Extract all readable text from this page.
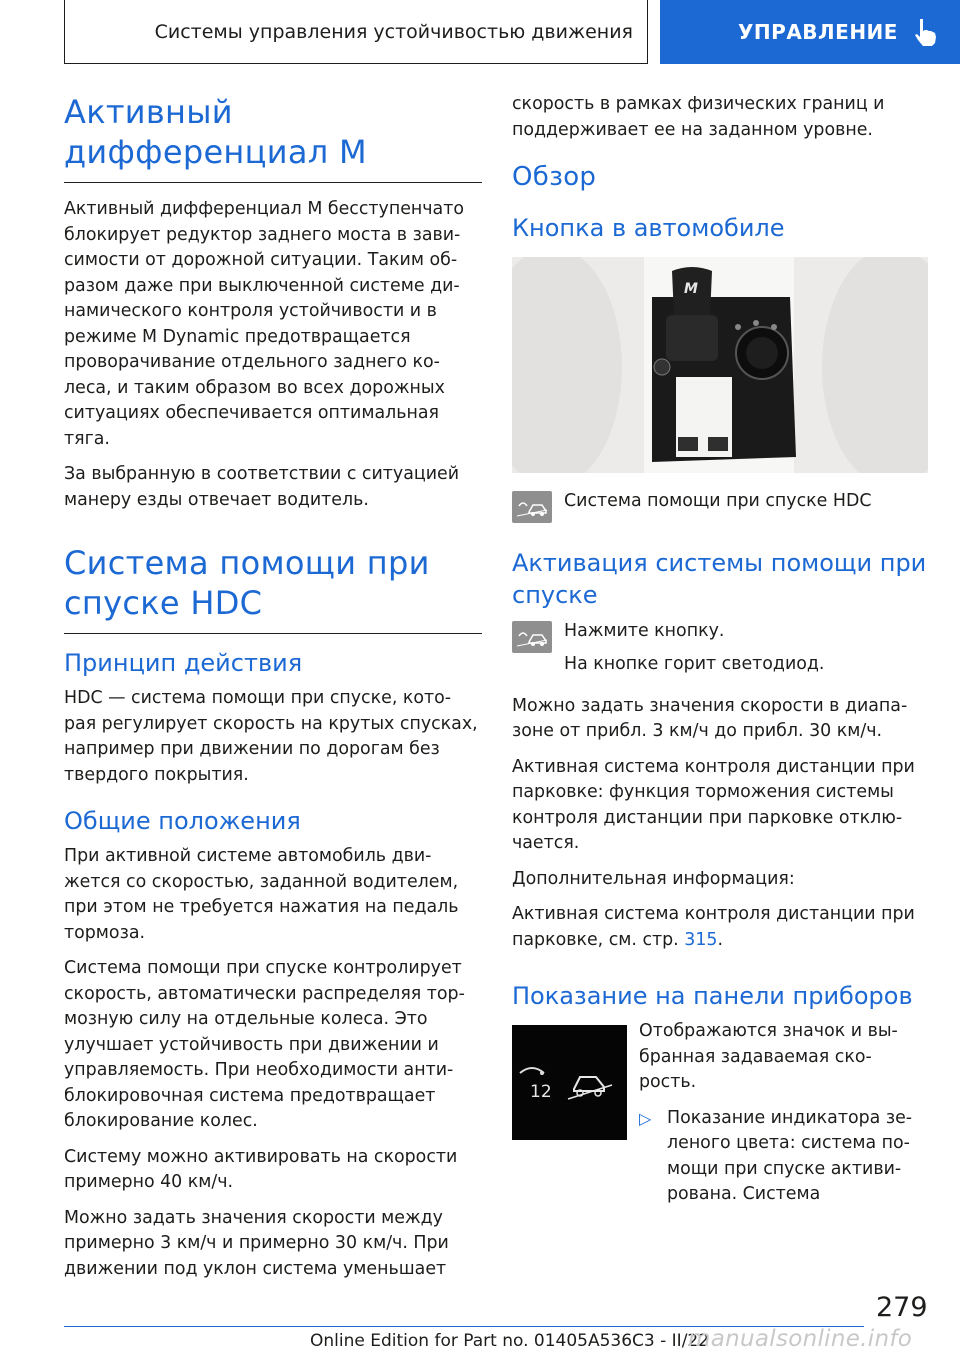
Системы управления устойчивостью движения	УПРАВЛЕНИЕ
Активный дифференциал М

Активный дифференциал М бесступенчато блокирует редуктор заднего моста в зави-симости от дорожной ситуации. Таким об-разом даже при выключенной системе ди-намического контроля устойчивости и в режиме M Dynamic предотвращается проворачивание отдельного заднего ко-леса, и таким образом во всех дорожных ситуациях обеспечивается оптимальная тяга.

За выбранную в соответствии с ситуацией манеру езды отвечает водитель.

Система помощи при спуске HDC
Принцип действия

HDC — система помощи при спуске, кото-рая регулирует скорость на крутых спусках, например при движении по дорогам без твердого покрытия.

Общие положения

При активной системе автомобиль дви-жется со скоростью, заданной водителем, при этом не требуется нажатия на педаль тормоза.

Система помощи при спуске контролирует скорость, автоматически распределяя тор-мозную силу на отдельные колеса. Это улучшает устойчивость при движении и управляемость. При необходимости анти-блокировочная система предотвращает блокирование колес.

Систему можно активировать на скорости примерно 40 км/ч.

Можно задать значения скорости между примерно 3 км/ч и примерно 30 км/ч. При движении под уклон система уменьшает

скорость в рамках физических границ и поддерживает ее на заданном уровне.

Обзор
Кнопка в автомобиле
M

Система помощи при спуске HDC

Активация системы помощи при спуске

Нажмите кнопку.

На кнопке горит светодиод.

Можно задать значения скорости в диапа-зоне от прибл. 3 км/ч до прибл. 30 км/ч.

Активная система контроля дистанции при парковке: функция торможения системы контроля дистанции при парковке отклю-чается.

Дополнительная информация:

Активная система контроля дистанции при парковке, см. стр. 315.

Показание на панели приборов
12

Отображаются значок и вы-бранная задаваемая ско-рость.

▷ Показание индикатора зе-леного цвета: система по-мощи при спуске активи-рована. Система

279
Online Edition for Part no. 01405A536C3 - II/22
manualsonline.info
